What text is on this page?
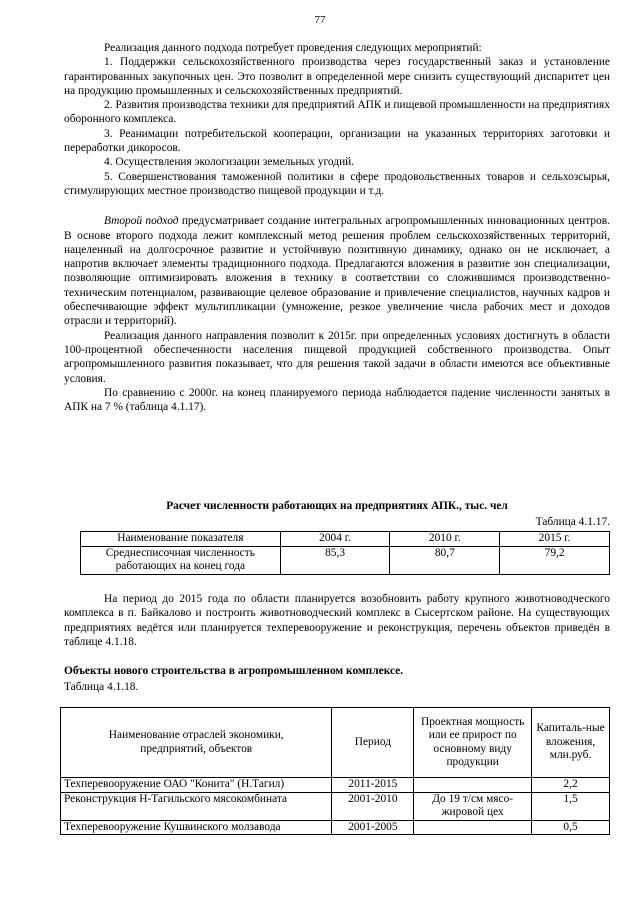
77

Реализация данного подхода потребует проведения следующих мероприятий:

1. Поддержки сельскохозяйственного производства через государственный заказ и установление гарантированных закупочных цен. Это позволит в определенной мере снизить существующий диспаритет цен на продукцию промышленных и сельскохозяйственных предприятий.

2. Развития производства техники для предприятий АПК и пищевой промышленности на предприятиях оборонного комплекса.

3. Реанимации потребительской кооперации, организации на указанных территориях заготовки и переработки дикоросов.

4. Осуществления экологизации земельных угодий.

5. Совершенствования таможенной политики в сфере продовольственных товаров и сельхозсырья, стимулирующих местное производство пищевой продукции и т.д.

Второй подход предусматривает создание интегральных агропромышленных инновационных центров. В основе второго подхода лежит комплексный метод решения проблем сельскохозяйственных территорий, нацеленный на долгосрочное развитие и устойчивую позитивную динамику, однако он не исключает, а напротив включает элементы традиционного подхода. Предлагаются вложения в развитие зон специализации, позволяющие оптимизировать вложения в технику в соответствии со сложившимся производственно-техническим потенциалом, развивающие целевое образование и привлечение специалистов, научных кадров и обеспечивающие эффект мультипликации (умножение, резкое увеличение числа рабочих мест и доходов отрасли и территорий).

Реализация данного направления позволит к 2015г. при определенных условиях достигнуть в области 100-процентной обеспеченности населения пищевой продукцией собственного производства. Опыт агропромышленного развития показывает, что для решения такой задачи в области имеются все объективные условия.

По сравнению с 2000г. на конец планируемого периода наблюдается падение численности занятых в АПК на 7 % (таблица 4.1.17).

Расчет численности работающих на предприятиях АПК., тыс. чел
Таблица 4.1.17.
Наименование показателя	2004 г.	2010 г.	2015 г.
Среднесписочная численность работающих на конец года	85,3	80,7	79,2

На период до 2015 года по области планируется возобновить работу крупного животноводческого комплекса в п. Байкалово и построить животноводческий комплекс в Сысертском районе. На существующих предприятиях ведётся или планируется техперевооружение и реконструкция, перечень объектов приведён в таблице 4.1.18.

Объекты нового строительства в агропромышленном комплексе.
Таблица 4.1.18.
Наименование отраслей экономики, предприятий, объектов	Период	Проектная мощность или ее прирост по основному виду продукции	Капиталь-ные вложения, млн.руб.
Техперевооружение ОАО "Конита" (Н.Тагил)	2011-2015		2,2
Реконструкция Н-Тагильского мясокомбината	2001-2010	До 19 т/см мясо-жировой цех	1,5
Техперевооружение Кушвинского молзавода	2001-2005		0,5
